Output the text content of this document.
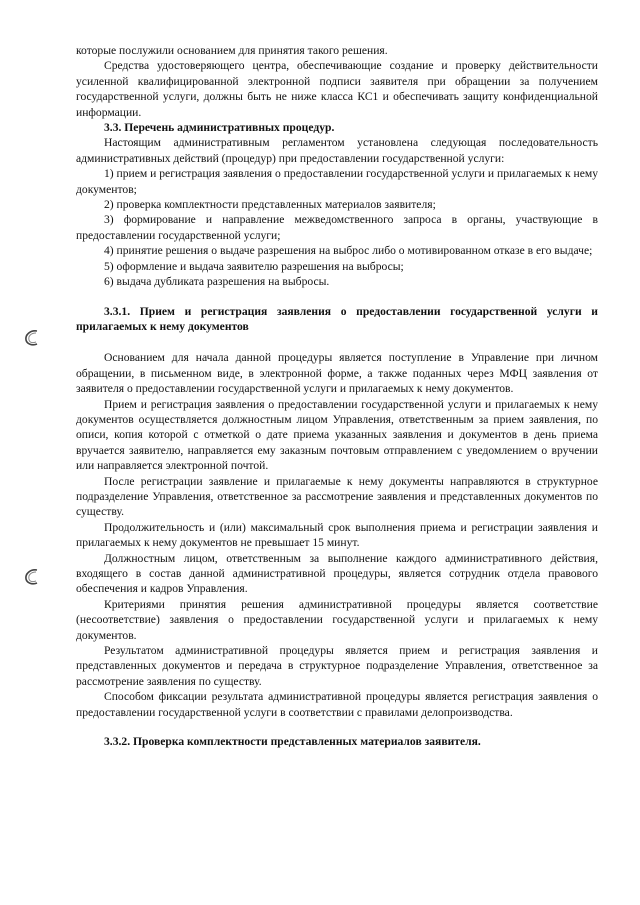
которые послужили основанием для принятия такого решения.

Средства удостоверяющего центра, обеспечивающие создание и проверку действительности усиленной квалифицированной электронной подписи заявителя при обращении за получением государственной услуги, должны быть не ниже класса КС1 и обеспечивать защиту конфиденциальной информации.

3.3. Перечень административных процедур.

Настоящим административным регламентом установлена следующая последовательность административных действий (процедур) при предоставлении государственной услуги:

1) прием и регистрация заявления о предоставлении государственной услуги и прилагаемых к нему документов;

2) проверка комплектности представленных материалов заявителя;

3) формирование и направление межведомственного запроса в органы, участвующие в предоставлении государственной услуги;

4) принятие решения о выдаче разрешения на выброс либо о мотивированном отказе в его выдаче;

5) оформление и выдача заявителю разрешения на выбросы;

6) выдача дубликата разрешения на выбросы.

3.3.1. Прием и регистрация заявления о предоставлении государственной услуги и прилагаемых к нему документов

Основанием для начала данной процедуры является поступление в Управление при личном обращении, в письменном виде, в электронной форме, а также поданных через МФЦ заявления от заявителя о предоставлении государственной услуги и прилагаемых к нему документов.

Прием и регистрация заявления о предоставлении государственной услуги и прилагаемых к нему документов осуществляется должностным лицом Управления, ответственным за прием заявления, по описи, копия которой с отметкой о дате приема указанных заявления и документов в день приема вручается заявителю, направляется ему заказным почтовым отправлением с уведомлением о вручении или направляется электронной почтой.

После регистрации заявление и прилагаемые к нему документы направляются в структурное подразделение Управления, ответственное за рассмотрение заявления и представленных документов по существу.

Продолжительность и (или) максимальный срок выполнения приема и регистрации заявления и прилагаемых к нему документов не превышает 15 минут.

Должностным лицом, ответственным за выполнение каждого административного действия, входящего в состав данной административной процедуры, является сотрудник отдела правового обеспечения и кадров Управления.

Критериями принятия решения административной процедуры является соответствие (несоответствие) заявления о предоставлении государственной услуги и прилагаемых к нему документов.

Результатом административной процедуры является прием и регистрация заявления и представленных документов и передача в структурное подразделение Управления, ответственное за рассмотрение заявления по существу.

Способом фиксации результата административной процедуры является регистрация заявления о предоставлении государственной услуги в соответствии с правилами делопроизводства.

3.3.2. Проверка комплектности представленных материалов заявителя.
